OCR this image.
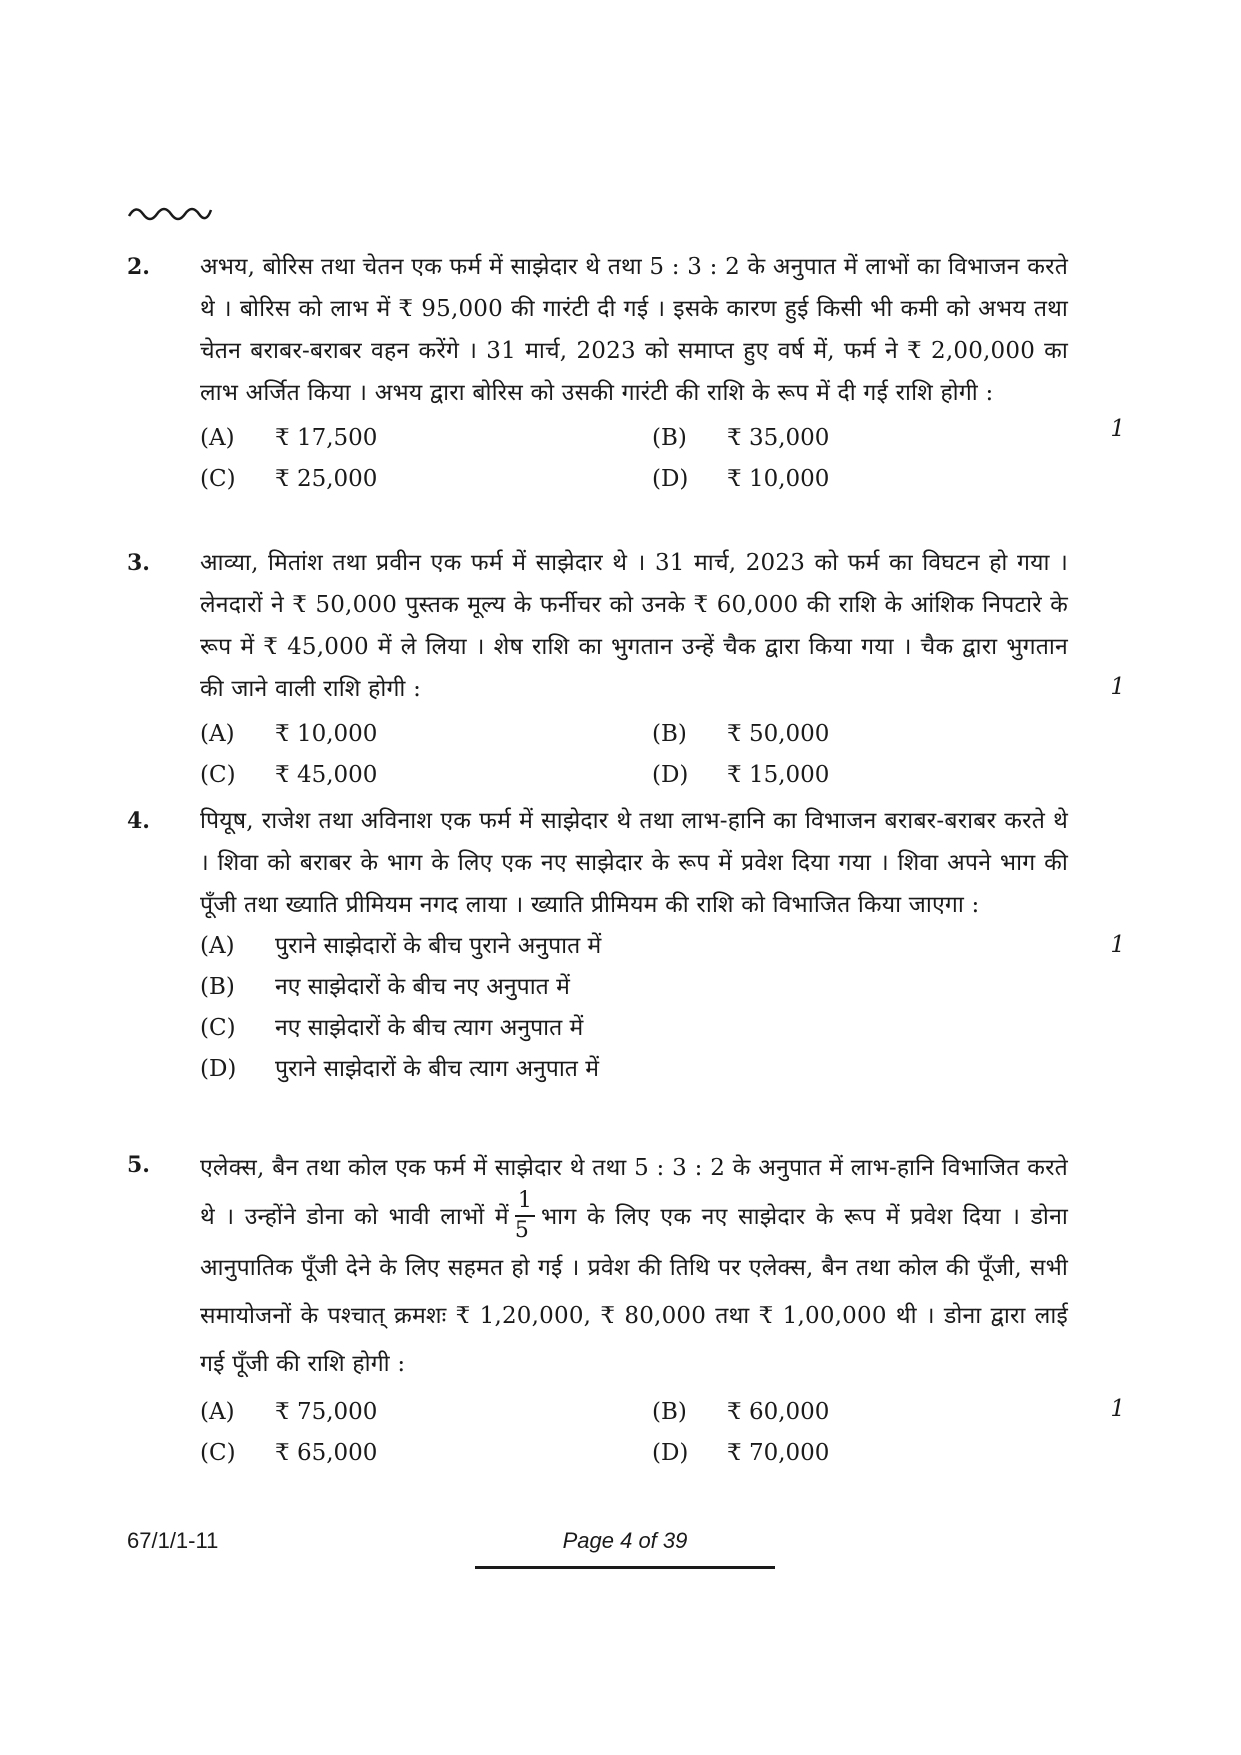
2. अभय, बोरिस तथा चेतन एक फर्म में साझेदार थे तथा 5 : 3 : 2 के अनुपात में लाभों का विभाजन करते थे । बोरिस को लाभ में ₹ 95,000 की गारंटी दी गई । इसके कारण हुई किसी भी कमी को अभय तथा चेतन बराबर-बराबर वहन करेंगे । 31 मार्च, 2023 को समाप्त हुए वर्ष में, फर्म ने ₹ 2,00,000 का लाभ अर्जित किया । अभय द्वारा बोरिस को उसकी गारंटी की राशि के रूप में दी गई राशि होगी :
1
(A) ₹ 17,500	(B) ₹ 35,000
(C) ₹ 25,000	(D) ₹ 10,000
3. आव्या, मितांश तथा प्रवीन एक फर्म में साझेदार थे । 31 मार्च, 2023 को फर्म का विघटन हो गया । लेनदारों ने ₹ 50,000 पुस्तक मूल्य के फर्नीचर को उनके ₹ 60,000 की राशि के आंशिक निपटारे के रूप में ₹ 45,000 में ले लिया । शेष राशि का भुगतान उन्हें चैक द्वारा किया गया । चैक द्वारा भुगतान की जाने वाली राशि होगी :	1
(A) ₹ 10,000	(B) ₹ 50,000
(C) ₹ 45,000	(D) ₹ 15,000
4. पियूष, राजेश तथा अविनाश एक फर्म में साझेदार थे तथा लाभ-हानि का विभाजन बराबर-बराबर करते थे । शिवा को बराबर के भाग के लिए एक नए साझेदार के रूप में प्रवेश दिया गया । शिवा अपने भाग की पूँजी तथा ख्याति प्रीमियम नगद लाया । ख्याति प्रीमियम की राशि को विभाजित किया जाएगा :
1
(A) पुराने साझेदारों के बीच पुराने अनुपात में
(B) नए साझेदारों के बीच नए अनुपात में
(C) नए साझेदारों के बीच त्याग अनुपात में
(D) पुराने साझेदारों के बीच त्याग अनुपात में
5. एलेक्स, बैन तथा कोल एक फर्म में साझेदार थे तथा 5 : 3 : 2 के अनुपात में लाभ-हानि विभाजित करते थे । उन्होंने डोना को भावी लाभों में $\frac{1}{5}$ भाग के लिए एक नए साझेदार के रूप में प्रवेश दिया । डोना आनुपातिक पूँजी देने के लिए सहमत हो गई । प्रवेश की तिथि पर एलेक्स, बैन तथा कोल की पूँजी, सभी समायोजनों के पश्चात् क्रमशः ₹ 1,20,000, ₹ 80,000 तथा ₹ 1,00,000 थी । डोना द्वारा लाई गई पूँजी की राशि होगी :
1
(A) ₹ 75,000	(B) ₹ 60,000
(C) ₹ 65,000	(D) ₹ 70,000
67/1/1-11	Page 4 of 39
